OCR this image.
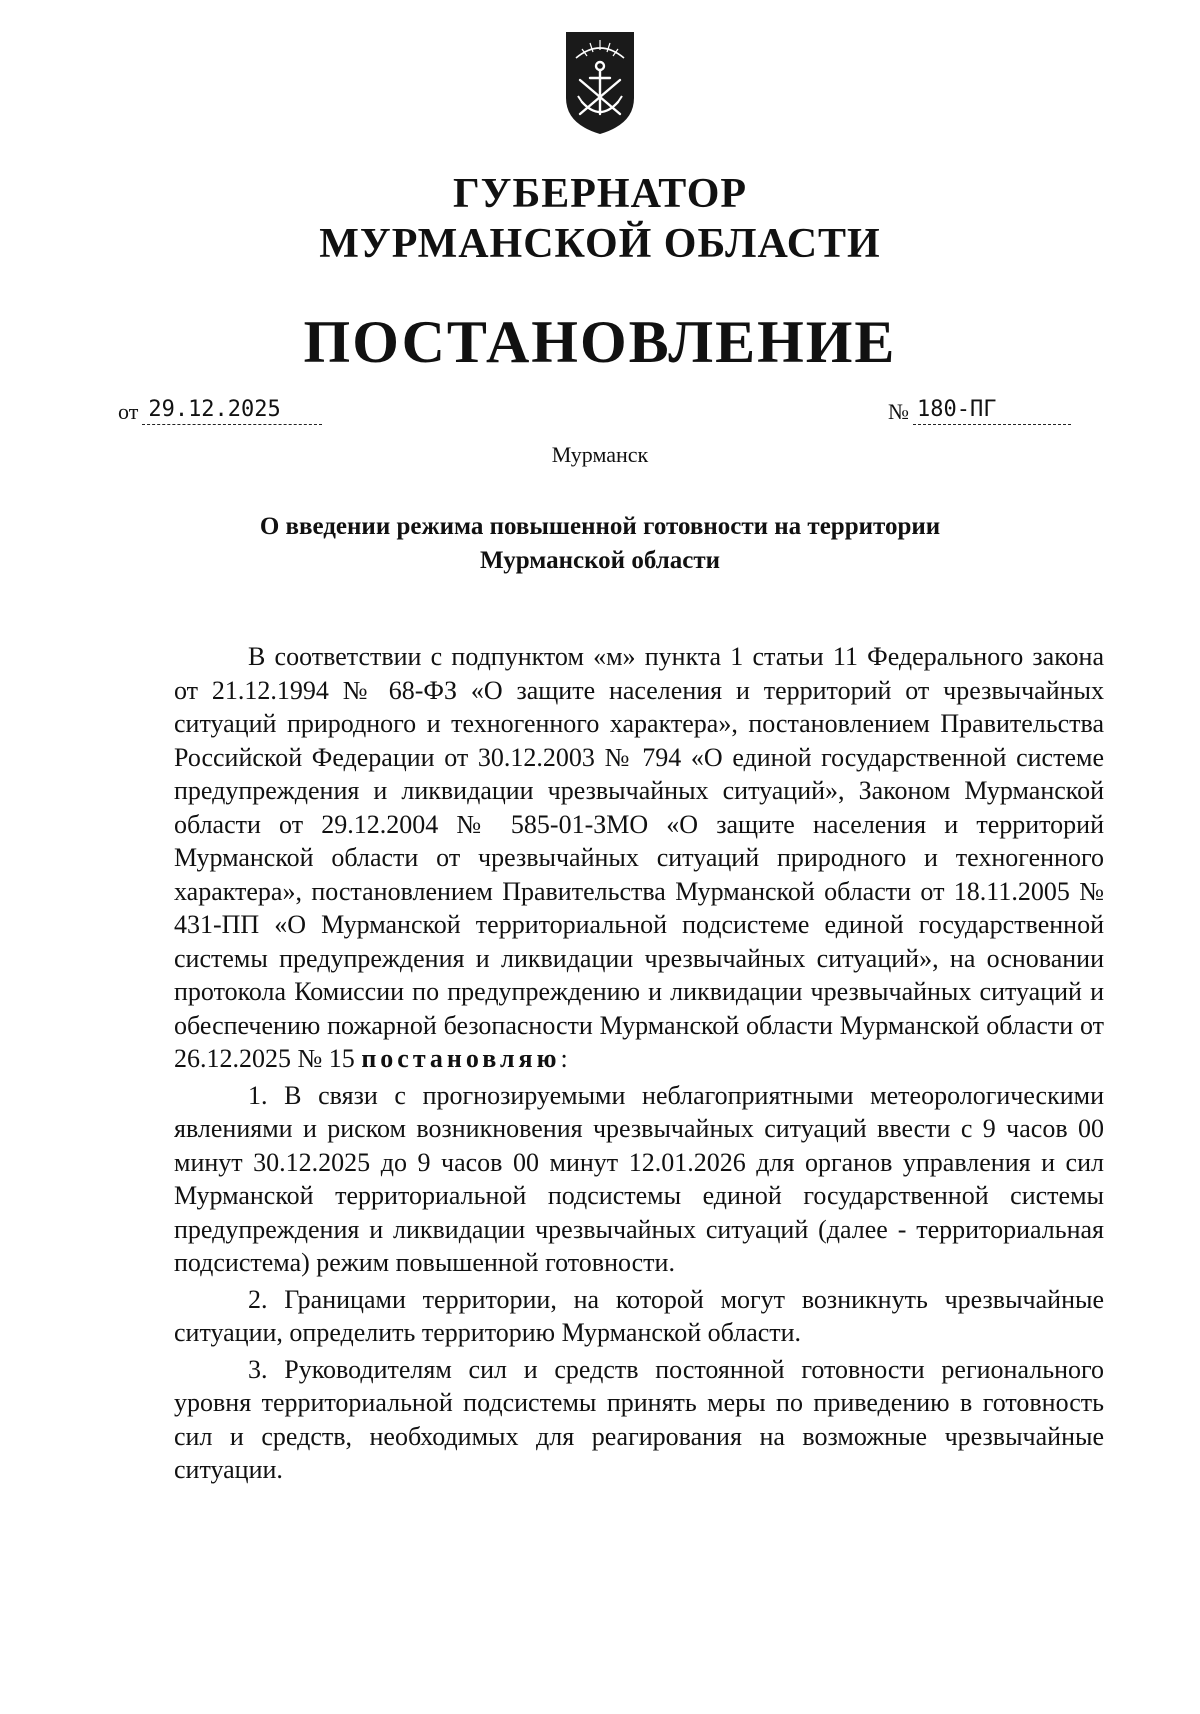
ГУБЕРНАТОР
МУРМАНСКОЙ ОБЛАСТИ
ПОСТАНОВЛЕНИЕ
от 29.12.2025	№ 180-ПГ
Мурманск
О введении режима повышенной готовности на территории
Мурманской области

В соответствии с подпунктом «м» пункта 1 статьи 11 Федерального закона от 21.12.1994 № 68-ФЗ «О защите населения и территорий от чрезвычайных ситуаций природного и техногенного характера», постановлением Правительства Российской Федерации от 30.12.2003 № 794 «О единой государственной системе предупреждения и ликвидации чрезвычайных ситуаций», Законом Мурманской области от 29.12.2004 № 585-01-ЗМО «О защите населения и территорий Мурманской области от чрезвычайных ситуаций природного и техногенного характера», постановлением Правительства Мурманской области от 18.11.2005 № 431-ПП «О Мурманской территориальной подсистеме единой государственной системы предупреждения и ликвидации чрезвычайных ситуаций», на основании протокола Комиссии по предупреждению и ликвидации чрезвычайных ситуаций и обеспечению пожарной безопасности Мурманской области Мурманской области от 26.12.2025 № 15 постановляю:

1. В связи с прогнозируемыми неблагоприятными метеорологическими явлениями и риском возникновения чрезвычайных ситуаций ввести с 9 часов 00 минут 30.12.2025 до 9 часов 00 минут 12.01.2026 для органов управления и сил Мурманской территориальной подсистемы единой государственной системы предупреждения и ликвидации чрезвычайных ситуаций (далее - территориальная подсистема) режим повышенной готовности.

2. Границами территории, на которой могут возникнуть чрезвычайные ситуации, определить территорию Мурманской области.

3. Руководителям сил и средств постоянной готовности регионального уровня территориальной подсистемы принять меры по приведению в готовность сил и средств, необходимых для реагирования на возможные чрезвычайные ситуации.
